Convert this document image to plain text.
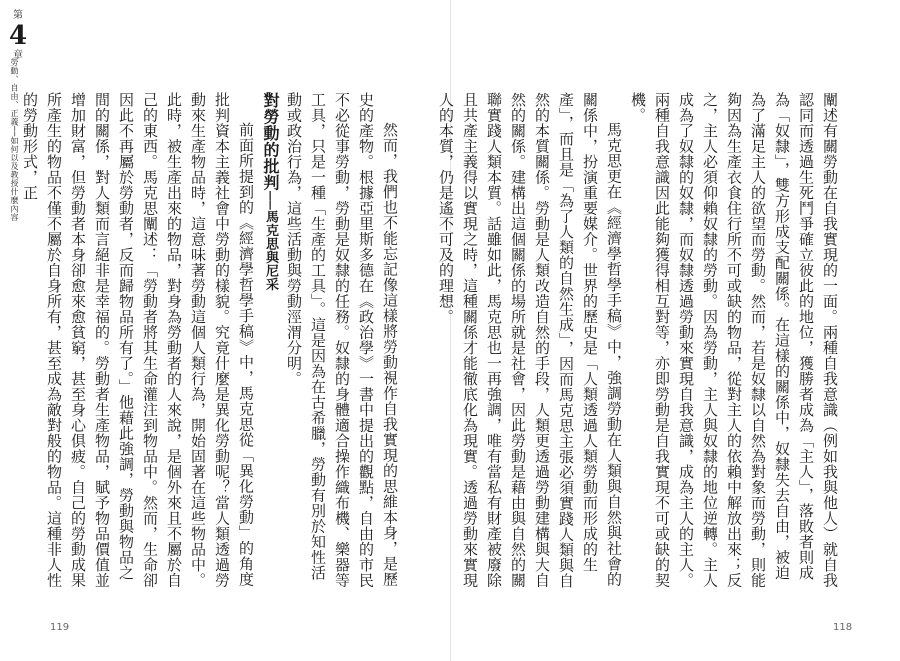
第
4
章
勞動、自由、正義──如何以及教授什麼內容	然而，我們也不能忘記像這樣將勞動視作自我實現的思維本身，是歷史的產物。根據亞里斯多德在《政治學》一書中提出的觀點，自由的市民不必從事勞動，勞動是奴隸的任務。奴隸的身體適合操作織布機、樂器等工具，只是一種「生產的工具」。這是因為在古希臘，勞動有別於知性活動或政治行為，這些活動與勞動涇渭分明。

對勞動的批判──馬克思與尼采

前面所提到的《經濟學哲學手稿》中，馬克思從「異化勞動」的角度批判資本主義社會中勞動的樣貌。究竟什麼是異化勞動呢？當人類透過勞動來生產物品時，這意味著勞動這個人類行為，開始固著在這些物品中。此時，被生產出來的物品，對身為勞動者的人來說，是個外來且不屬於自己的東西。馬克思闡述：「勞動者將其生命灌注到物品中。然而，生命卻因此不再屬於勞動者，反而歸物品所有了。」他藉此強調，勞動與物品之間的關係，對人類而言絕非是幸福的。勞動者生產物品，賦予物品價值並增加財富，但勞動者本身卻愈來愈貧窮，甚至身心俱疲。自己的勞動成果所產生的物品不僅不屬於自身所有，甚至成為敵對般的物品。這種非人性的勞動形式，正	闡述有關勞動在自我實現的一面。兩種自我意識（例如我與他人）就自我認同而透過生死鬥爭確立彼此的地位，獲勝者成為「主人」，落敗者則成為「奴隸」，雙方形成支配關係。在這樣的關係中，奴隸失去自由，被迫為了滿足主人的欲望而勞動。然而，若是奴隸以自然為對象而勞動，則能夠因為生產衣食住行所不可或缺的物品，從對主人的依賴中解放出來；反之，主人必須仰賴奴隸的勞動。因為勞動，主人與奴隸的地位逆轉。主人成為了奴隸的奴隸，而奴隸透過勞動來實現自我意識，成為主人的主人。兩種自我意識因此能夠獲得相互對等，亦即勞動是自我實現不可或缺的契機。

馬克思更在《經濟學哲學手稿》中，強調勞動在人類與自然與社會的關係中，扮演重要媒介。世界的歷史是「人類透過人類勞動而形成的生產」，而且是「為了人類的自然生成」，因而馬克思主張必須實踐人類與自然的本質關係。勞動是人類改造自然的手段，人類更透過勞動建構與大自然的關係。建構出這個關係的場所就是社會，因此勞動是藉由與自然的關聯實踐人類本質。話雖如此，馬克思也一再強調，唯有當私有財產被廢除且共產主義得以實現之時，這種關係才能徹底化為現實。透過勞動來實現人的本質，仍是遙不可及的理想。

119	118
